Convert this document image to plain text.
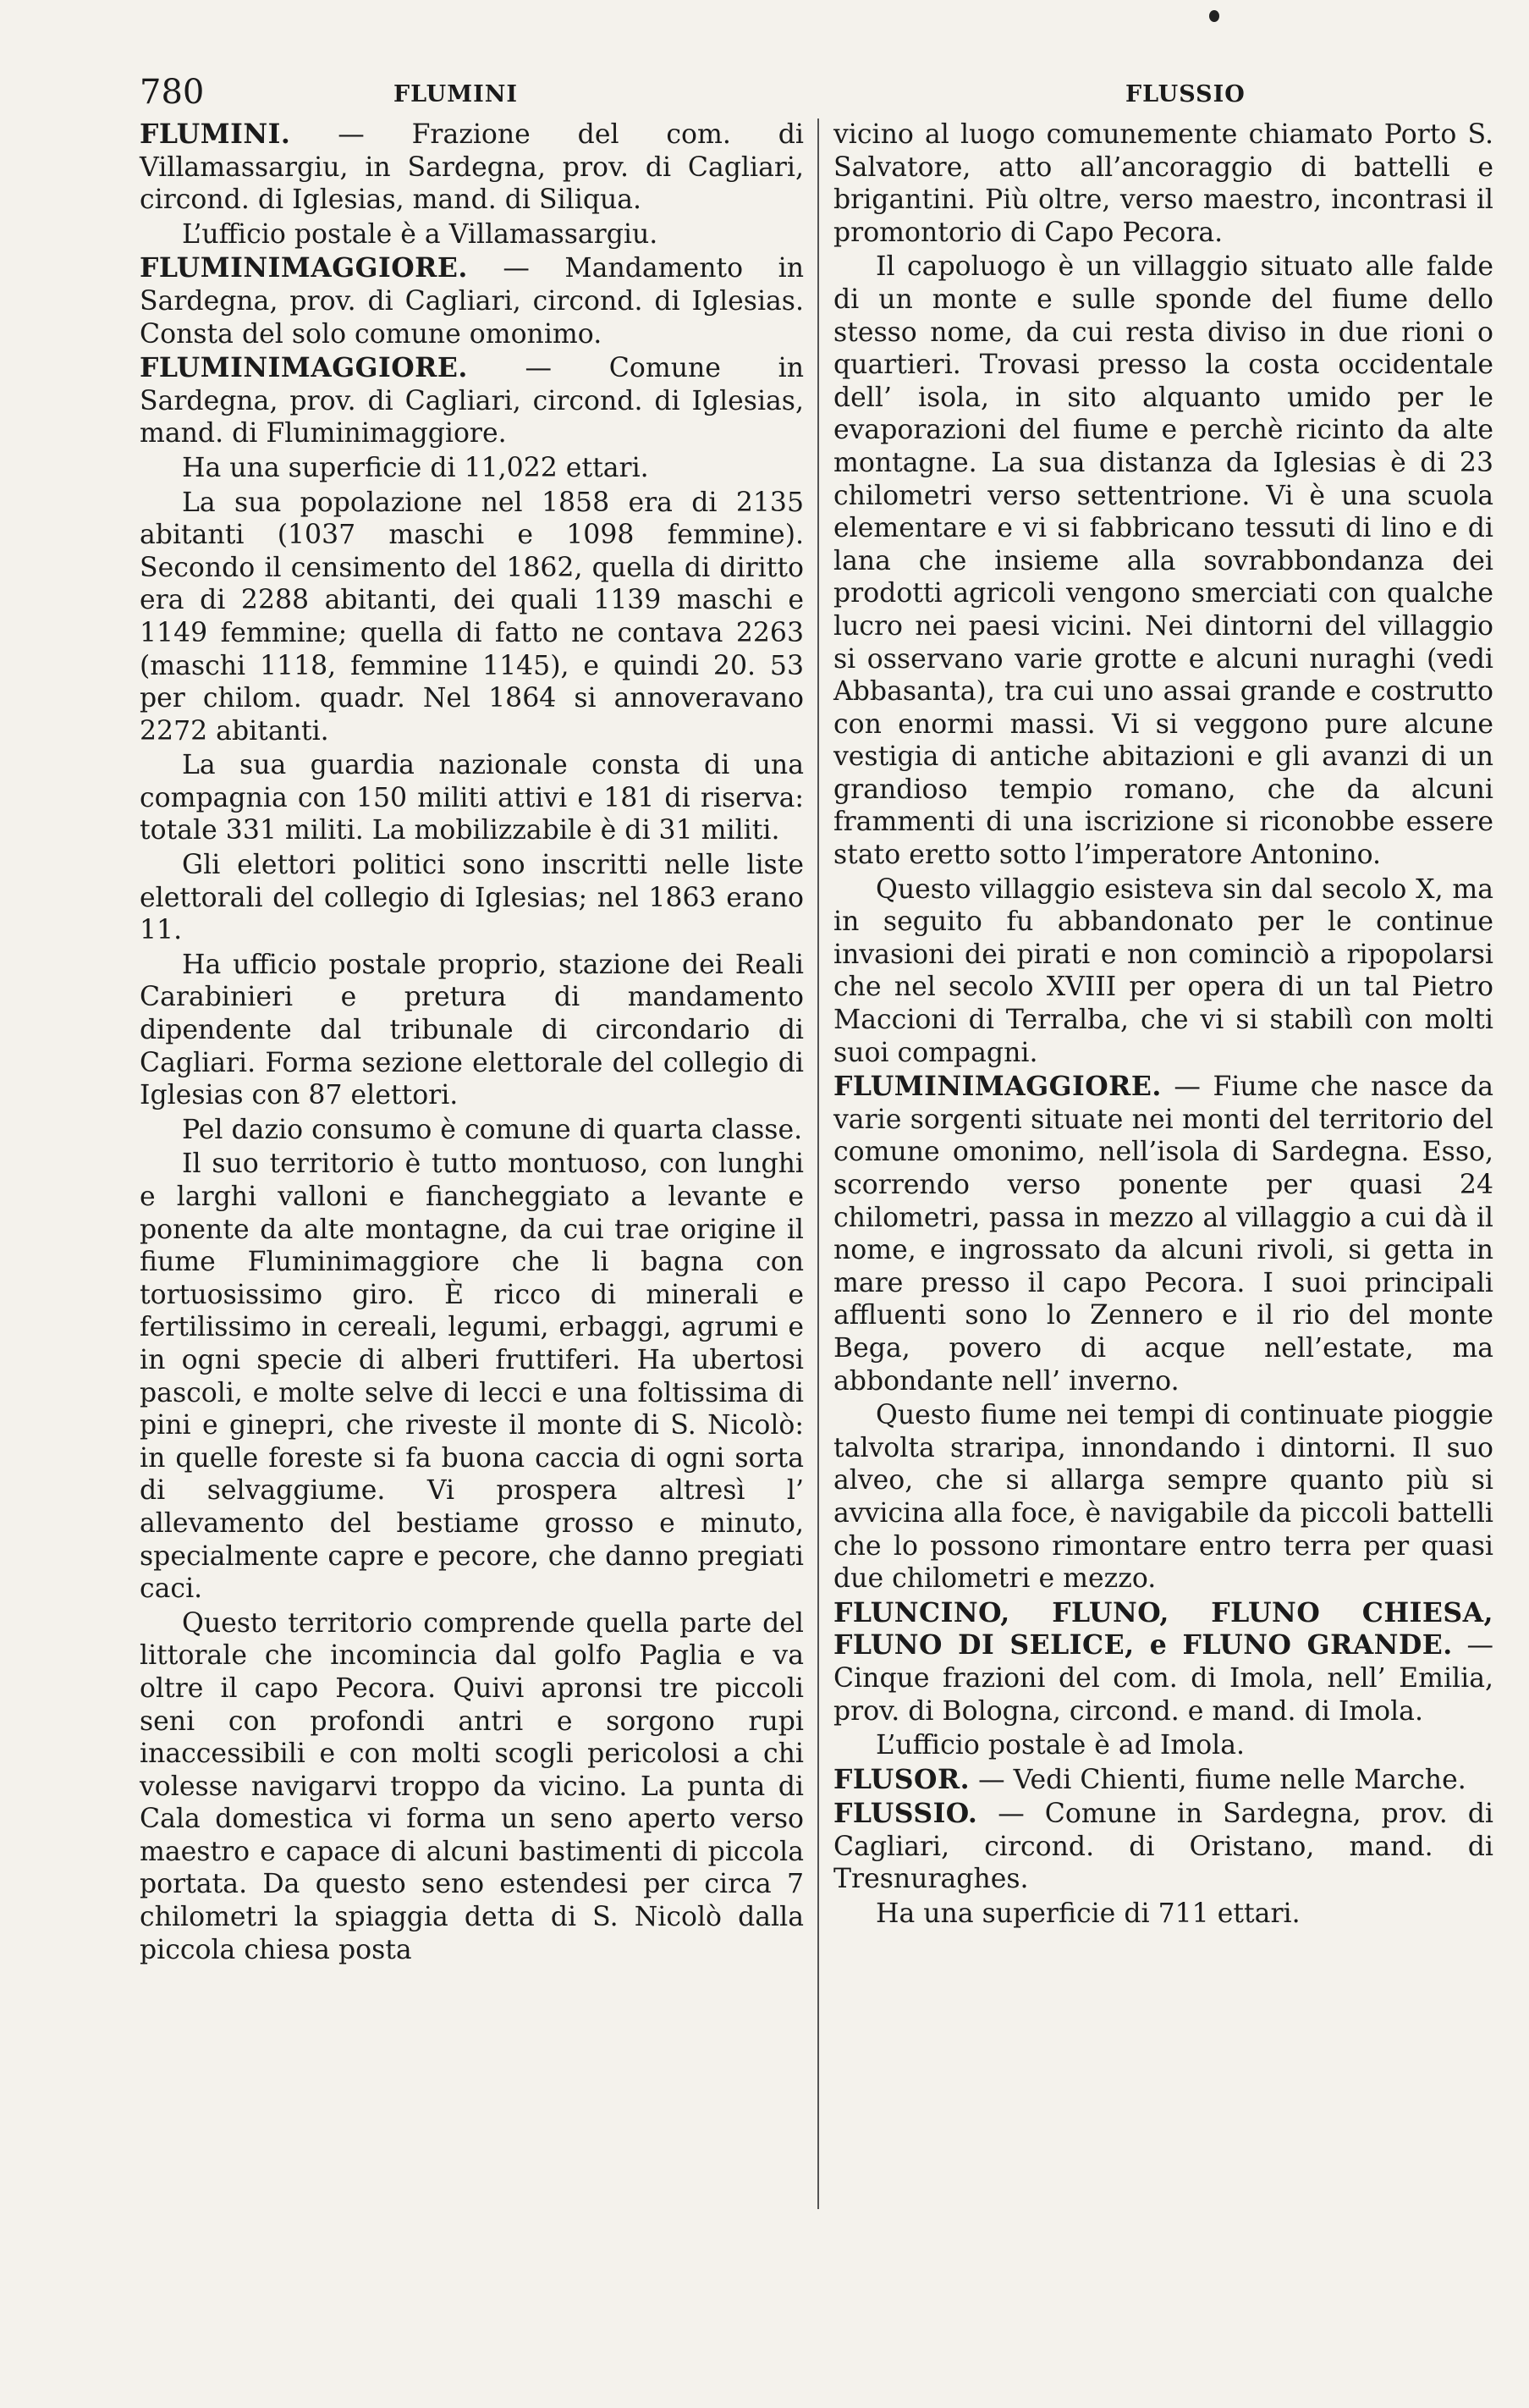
780	FLUMINI	FLUSSIO

FLUMINI. — Frazione del com. di Villamassargiu, in Sardegna, prov. di Cagliari, circond. di Iglesias, mand. di Siliqua.

L’ufficio postale è a Villamassargiu.

FLUMINIMAGGIORE. — Mandamento in Sardegna, prov. di Cagliari, circond. di Iglesias. Consta del solo comune omonimo.

FLUMINIMAGGIORE. — Comune in Sardegna, prov. di Cagliari, circond. di Iglesias, mand. di Fluminimaggiore.

Ha una superficie di 11,022 ettari.

La sua popolazione nel 1858 era di 2135 abitanti (1037 maschi e 1098 femmine). Secondo il censimento del 1862, quella di diritto era di 2288 abitanti, dei quali 1139 maschi e 1149 femmine; quella di fatto ne contava 2263 (maschi 1118, femmine 1145), e quindi 20. 53 per chilom. quadr. Nel 1864 si annoveravano 2272 abitanti.

La sua guardia nazionale consta di una compagnia con 150 militi attivi e 181 di riserva: totale 331 militi. La mobilizzabile è di 31 militi.

Gli elettori politici sono inscritti nelle liste elettorali del collegio di Iglesias; nel 1863 erano 11.

Ha ufficio postale proprio, stazione dei Reali Carabinieri e pretura di mandamento dipendente dal tribunale di circondario di Cagliari. Forma sezione elettorale del collegio di Iglesias con 87 elettori.

Pel dazio consumo è comune di quarta classe.

Il suo territorio è tutto montuoso, con lunghi e larghi valloni e fiancheggiato a levante e ponente da alte montagne, da cui trae origine il fiume Fluminimaggiore che li bagna con tortuosissimo giro. È ricco di minerali e fertilissimo in cereali, legumi, erbaggi, agrumi e in ogni specie di alberi fruttiferi. Ha ubertosi pascoli, e molte selve di lecci e una foltissima di pini e ginepri, che riveste il monte di S. Nicolò: in quelle foreste si fa buona caccia di ogni sorta di selvaggiume. Vi prospera altresì l’ allevamento del bestiame grosso e minuto, specialmente capre e pecore, che danno pregiati caci.

Questo territorio comprende quella parte del littorale che incomincia dal golfo Paglia e va oltre il capo Pecora. Quivi apronsi tre piccoli seni con profondi antri e sorgono rupi inaccessibili e con molti scogli pericolosi a chi volesse navigarvi troppo da vicino. La punta di Cala domestica vi forma un seno aperto verso maestro e capace di alcuni bastimenti di piccola portata. Da questo seno estendesi per circa 7 chilometri la spiaggia detta di S. Nicolò dalla piccola chiesa posta

vicino al luogo comunemente chiamato Porto S. Salvatore, atto all’ancoraggio di battelli e brigantini. Più oltre, verso maestro, incontrasi il promontorio di Capo Pecora.

Il capoluogo è un villaggio situato alle falde di un monte e sulle sponde del fiume dello stesso nome, da cui resta diviso in due rioni o quartieri. Trovasi presso la costa occidentale dell’ isola, in sito alquanto umido per le evaporazioni del fiume e perchè ricinto da alte montagne. La sua distanza da Iglesias è di 23 chilometri verso settentrione. Vi è una scuola elementare e vi si fabbricano tessuti di lino e di lana che insieme alla sovrabbondanza dei prodotti agricoli vengono smerciati con qualche lucro nei paesi vicini. Nei dintorni del villaggio si osservano varie grotte e alcuni nuraghi (vedi Abbasanta), tra cui uno assai grande e costrutto con enormi massi. Vi si veggono pure alcune vestigia di antiche abitazioni e gli avanzi di un grandioso tempio romano, che da alcuni frammenti di una iscrizione si riconobbe essere stato eretto sotto l’imperatore Antonino.

Questo villaggio esisteva sin dal secolo X, ma in seguito fu abbandonato per le continue invasioni dei pirati e non cominciò a ripopolarsi che nel secolo XVIII per opera di un tal Pietro Maccioni di Terralba, che vi si stabilì con molti suoi compagni.

FLUMINIMAGGIORE. — Fiume che nasce da varie sorgenti situate nei monti del territorio del comune omonimo, nell’isola di Sardegna. Esso, scorrendo verso ponente per quasi 24 chilometri, passa in mezzo al villaggio a cui dà il nome, e ingrossato da alcuni rivoli, si getta in mare presso il capo Pecora. I suoi principali affluenti sono lo Zennero e il rio del monte Bega, povero di acque nell’estate, ma abbondante nell’ inverno.

Questo fiume nei tempi di continuate pioggie talvolta straripa, innondando i dintorni. Il suo alveo, che si allarga sempre quanto più si avvicina alla foce, è navigabile da piccoli battelli che lo possono rimontare entro terra per quasi due chilometri e mezzo.

FLUNCINO, FLUNO, FLUNO CHIESA, FLUNO DI SELICE, e FLUNO GRANDE. — Cinque frazioni del com. di Imola, nell’ Emilia, prov. di Bologna, circond. e mand. di Imola.

L’ufficio postale è ad Imola.

FLUSOR. — Vedi Chienti, fiume nelle Marche.

FLUSSIO. — Comune in Sardegna, prov. di Cagliari, circond. di Oristano, mand. di Tresnuraghes.

Ha una superficie di 711 ettari.
